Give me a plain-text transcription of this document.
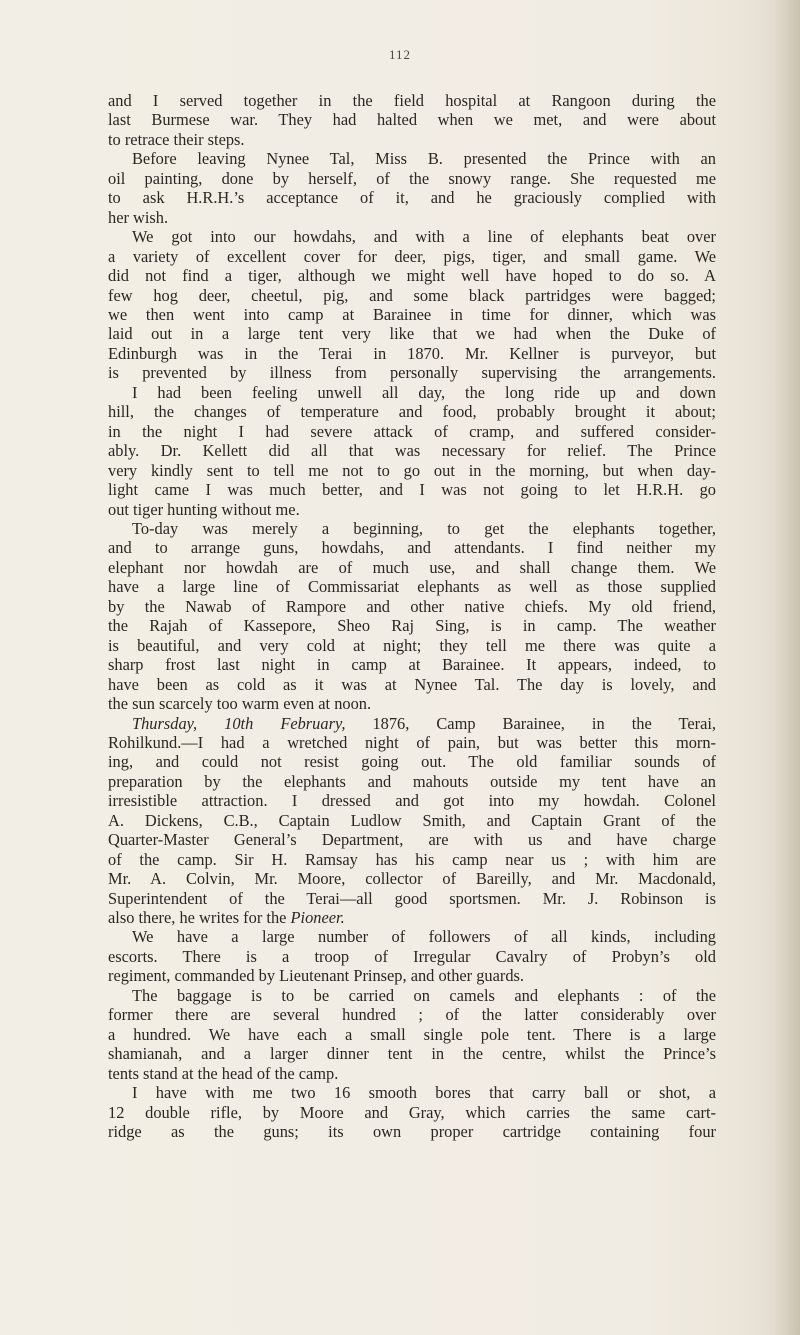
112
and I served together in the field hospital at Rangoon during the
last Burmese war. They had halted when we met, and were about
to retrace their steps.
Before leaving Nynee Tal, Miss B. presented the Prince with an
oil painting, done by herself, of the snowy range. She requested me
to ask H.R.H.’s acceptance of it, and he graciously complied with
her wish.
We got into our howdahs, and with a line of elephants beat over
a variety of excellent cover for deer, pigs, tiger, and small game. We
did not find a tiger, although we might well have hoped to do so. A
few hog deer, cheetul, pig, and some black partridges were bagged;
we then went into camp at Barainee in time for dinner, which was
laid out in a large tent very like that we had when the Duke of
Edinburgh was in the Terai in 1870. Mr. Kellner is purveyor, but
is prevented by illness from personally supervising the arrangements.
I had been feeling unwell all day, the long ride up and down
hill, the changes of temperature and food, probably brought it about;
in the night I had severe attack of cramp, and suffered consider-
ably. Dr. Kellett did all that was necessary for relief. The Prince
very kindly sent to tell me not to go out in the morning, but when day-
light came I was much better, and I was not going to let H.R.H. go
out tiger hunting without me.
To-day was merely a beginning, to get the elephants together,
and to arrange guns, howdahs, and attendants. I find neither my
elephant nor howdah are of much use, and shall change them. We
have a large line of Commissariat elephants as well as those supplied
by the Nawab of Rampore and other native chiefs. My old friend,
the Rajah of Kassepore, Sheo Raj Sing, is in camp. The weather
is beautiful, and very cold at night; they tell me there was quite a
sharp frost last night in camp at Barainee. It appears, indeed, to
have been as cold as it was at Nynee Tal. The day is lovely, and
the sun scarcely too warm even at noon.
Thursday, 10th February, 1876, Camp Barainee, in the Terai,
Rohilkund.—I had a wretched night of pain, but was better this morn-
ing, and could not resist going out. The old familiar sounds of
preparation by the elephants and mahouts outside my tent have an
irresistible attraction. I dressed and got into my howdah. Colonel
A. Dickens, C.B., Captain Ludlow Smith, and Captain Grant of the
Quarter-Master General’s Department, are with us and have charge
of the camp. Sir H. Ramsay has his camp near us ; with him are
Mr. A. Colvin, Mr. Moore, collector of Bareilly, and Mr. Macdonald,
Superintendent of the Terai—all good sportsmen. Mr. J. Robinson is
also there, he writes for the Pioneer.
We have a large number of followers of all kinds, including
escorts. There is a troop of Irregular Cavalry of Probyn’s old
regiment, commanded by Lieutenant Prinsep, and other guards.
The baggage is to be carried on camels and elephants : of the
former there are several hundred ; of the latter considerably over
a hundred. We have each a small single pole tent. There is a large
shamianah, and a larger dinner tent in the centre, whilst the Prince’s
tents stand at the head of the camp.
I have with me two 16 smooth bores that carry ball or shot, a
12 double rifle, by Moore and Gray, which carries the same cart-
ridge as the guns; its own proper cartridge containing four
